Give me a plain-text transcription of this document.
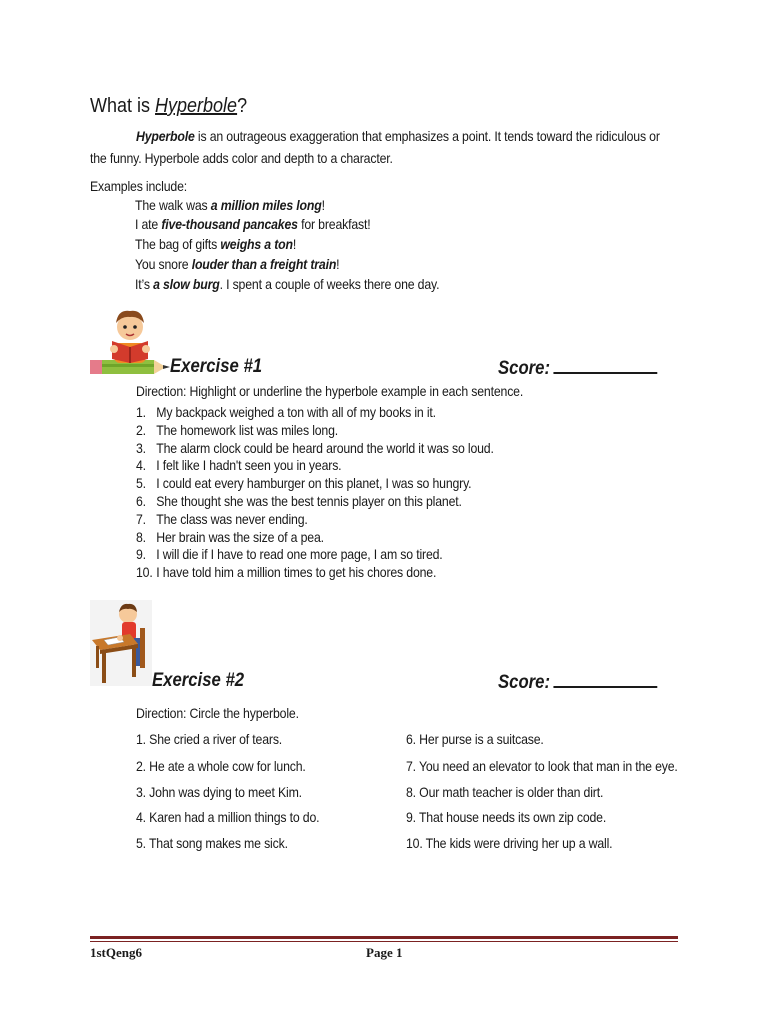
What is Hyperbole?
Hyperbole is an outrageous exaggeration that emphasizes a point. It tends toward the ridiculous or
the funny. Hyperbole adds color and depth to a character.
Examples include:
The walk was a million miles long!
I ate five-thousand pancakes for breakfast!
The bag of gifts weighs a ton!
You snore louder than a freight train!
It’s a slow burg. I spent a couple of weeks there one day.
Exercise #1	Score:
Direction: Highlight or underline the hyperbole example in each sentence.
1. My backpack weighed a ton with all of my books in it.
2. The homework list was miles long.
3. The alarm clock could be heard around the world it was so loud.
4. I felt like I hadn't seen you in years.
5. I could eat every hamburger on this planet, I was so hungry.
6. She thought she was the best tennis player on this planet.
7. The class was never ending.
8. Her brain was the size of a pea.
9. I will die if I have to read one more page, I am so tired.
10. I have told him a million times to get his chores done.
Exercise #2	Score:
Direction: Circle the hyperbole.
1. She cried a river of tears.
2. He ate a whole cow for lunch.
3. John was dying to meet Kim.
4. Karen had a million things to do.
5. That song makes me sick.
6. Her purse is a suitcase.
7. You need an elevator to look that man in the eye.
8. Our math teacher is older than dirt.
9. That house needs its own zip code.
10. The kids were driving her up a wall.
1stQeng6	Page 1
